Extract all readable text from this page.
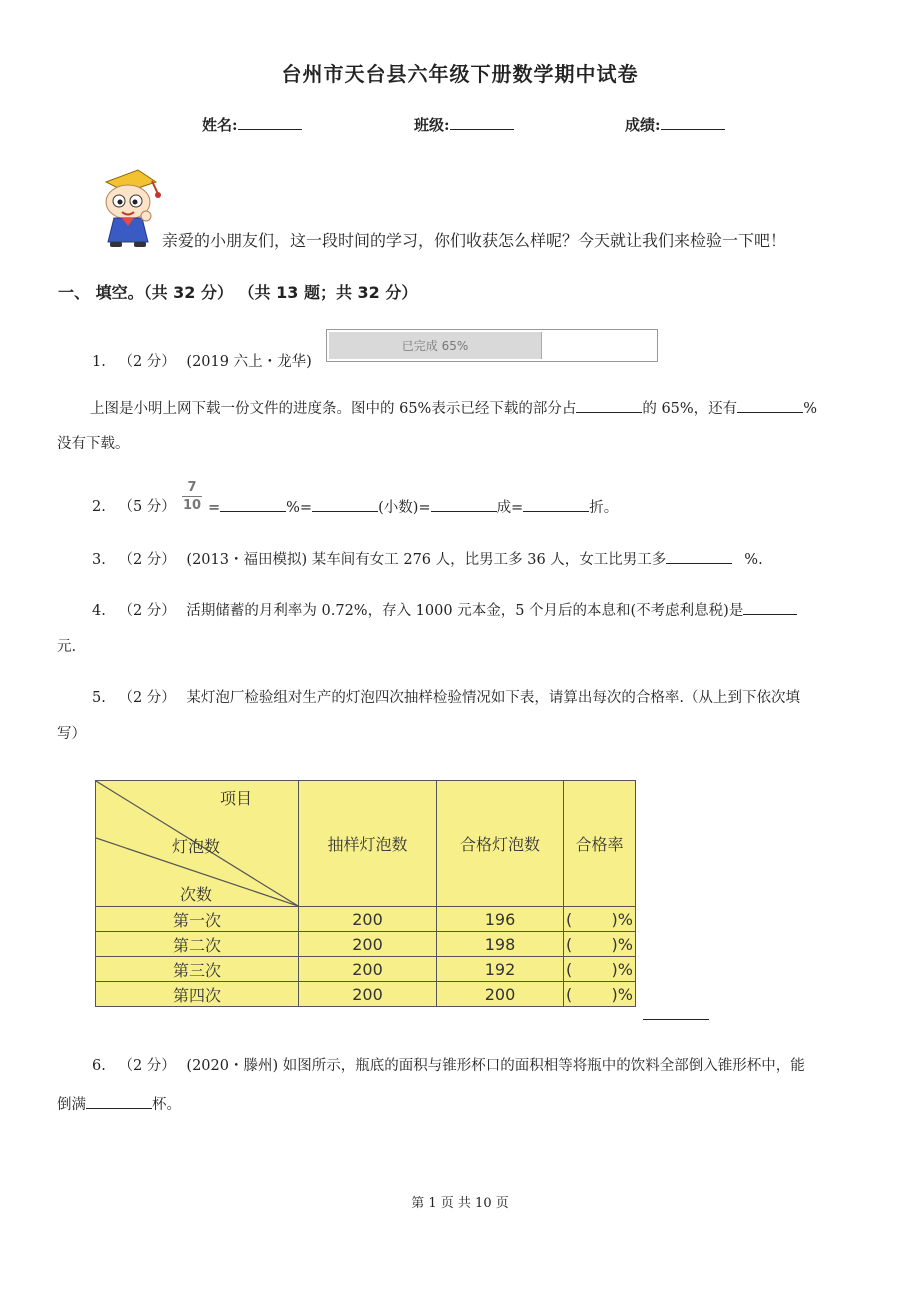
台州市天台县六年级下册数学期中试卷
姓名:	班级:	成绩:
亲爱的小朋友们，这一段时间的学习，你们收获怎么样呢？今天就让我们来检验一下吧！
一、 填空。（共 32 分） （共 13 题；共 32 分）
1. （2 分） (2019 六上・龙华)
已完成 65%
上图是小明上网下载一份文件的进度条。图中的 65%表示已经下载的部分占	的 65%，还有	%
没有下载。
2. （5 分）
7
10 =	%=	(小数)=	成=	折。
3. （2 分） (2013・福田模拟) 某车间有女工 276 人，比男工多 36 人，女工比男工多	%.
4. （2 分） 活期储蓄的月利率为 0.72%，存入 1000 元本金，5 个月后的本息和(不考虑利息税)是
元.
5. （2 分） 某灯泡厂检验组对生产的灯泡四次抽样检验情况如下表，请算出每次的合格率.（从上到下依次填
写）
项目
灯泡数
次数	抽样灯泡数	合格灯泡数	合格率
第一次	200	196	( )%

第二次	200	198	( )%

第三次	200	192	( )%

第四次	200	200	( )%
6. （2 分） (2020・滕州) 如图所示，瓶底的面积与锥形杯口的面积相等将瓶中的饮料全部倒入锥形杯中，能
倒满	杯。
第 1 页 共 10 页
